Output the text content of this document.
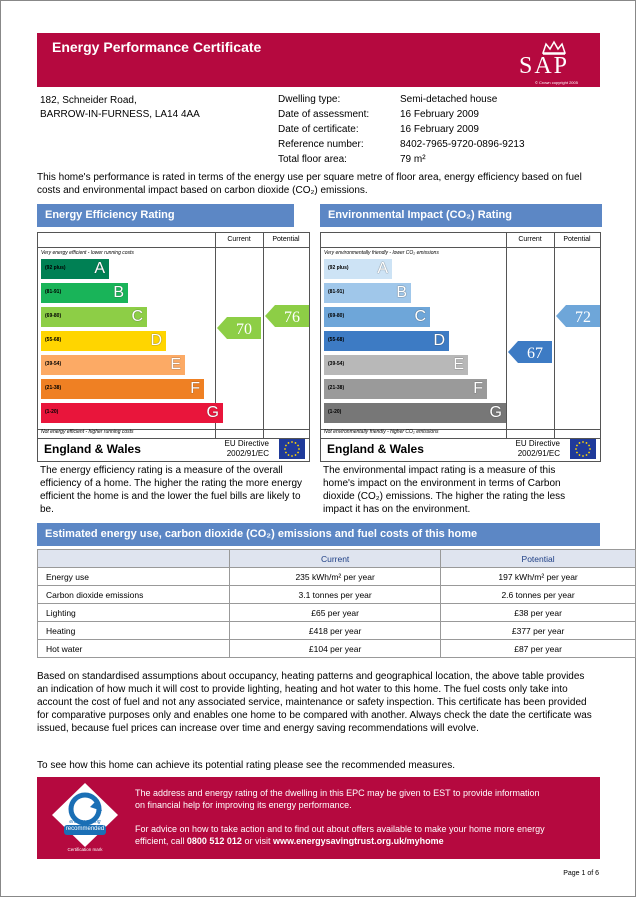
Energy Performance Certificate
SAP
© Crown copyright 2005
182, Schneider Road,
BARROW-IN-FURNESS, LA14 4AA
Dwelling type:	Semi-detached house
Date of assessment:	16 February 2009
Date of certificate:	16 February 2009
Reference number:	8402-7965-9720-0896-9213
Total floor area:	79 m²
This home's performance is rated in terms of the energy use per square metre of floor area, energy efficiency based on fuel costs and environmental impact based on carbon dioxide (CO₂) emissions.
Energy Efficiency Rating
Current	Potential
Very energy efficient - lower running costs
Not energy efficient - higher running costs
(92 plus) A
(81-91)	B
(69-80)	C
(55-68)	D
(39-54)	E
(21-38)	F
(1-20)	G
70
76
England & Wales	EU Directive
2002/91/EC
The energy efficiency rating is a measure of the overall efficiency of a home. The higher the rating the more energy efficient the home is and the lower the fuel bills are likely to be.
Environmental Impact (CO₂) Rating
Current	Potential
Very environmentally friendly - lower CO₂ emissions
Not environmentally friendly - higher CO₂ emissions
(92 plus) A
(81-91)	B
(69-80)	C
(55-68)	D
(39-54)	E
(21-38)	F
(1-20)	G
67
72
England & Wales	EU Directive
2002/91/EC
The environmental impact rating is a measure of this home's impact on the environment in terms of Carbon dioxide (CO₂) emissions. The higher the rating the less impact it has on the environment.
Estimated energy use, carbon dioxide (CO₂) emissions and fuel costs of this home
	Current	Potential
Energy use	235 kWh/m² per year	197 kWh/m² per year
Carbon dioxide emissions	3.1 tonnes per year	2.6 tonnes per year
Lighting	£65 per year	£38 per year
Heating	£418 per year	£377 per year
Hot water	£104 per year	£87 per year
Based on standardised assumptions about occupancy, heating patterns and geographical location, the above table provides an indication of how much it will cost to provide lighting, heating and hot water to this home. The fuel costs only take into account the cost of fuel and not any associated service, maintenance or safety inspection. This certificate has been provided for comparative purposes only and enables one home to be compared with another. Always check the date the certificate was issued, because fuel prices can increase over time and energy saving recommendations will evolve.
To see how this home can achieve its potential rating please see the recommended measures.
energy saving
recommended
Certification mark
The address and energy rating of the dwelling in this EPC may be given to EST to provide information on financial help for improving its energy performance.
For advice on how to take action and to find out about offers available to make your home more energy efficient, call 0800 512 012 or visit www.energysavingtrust.org.uk/myhome
Page 1 of 6
